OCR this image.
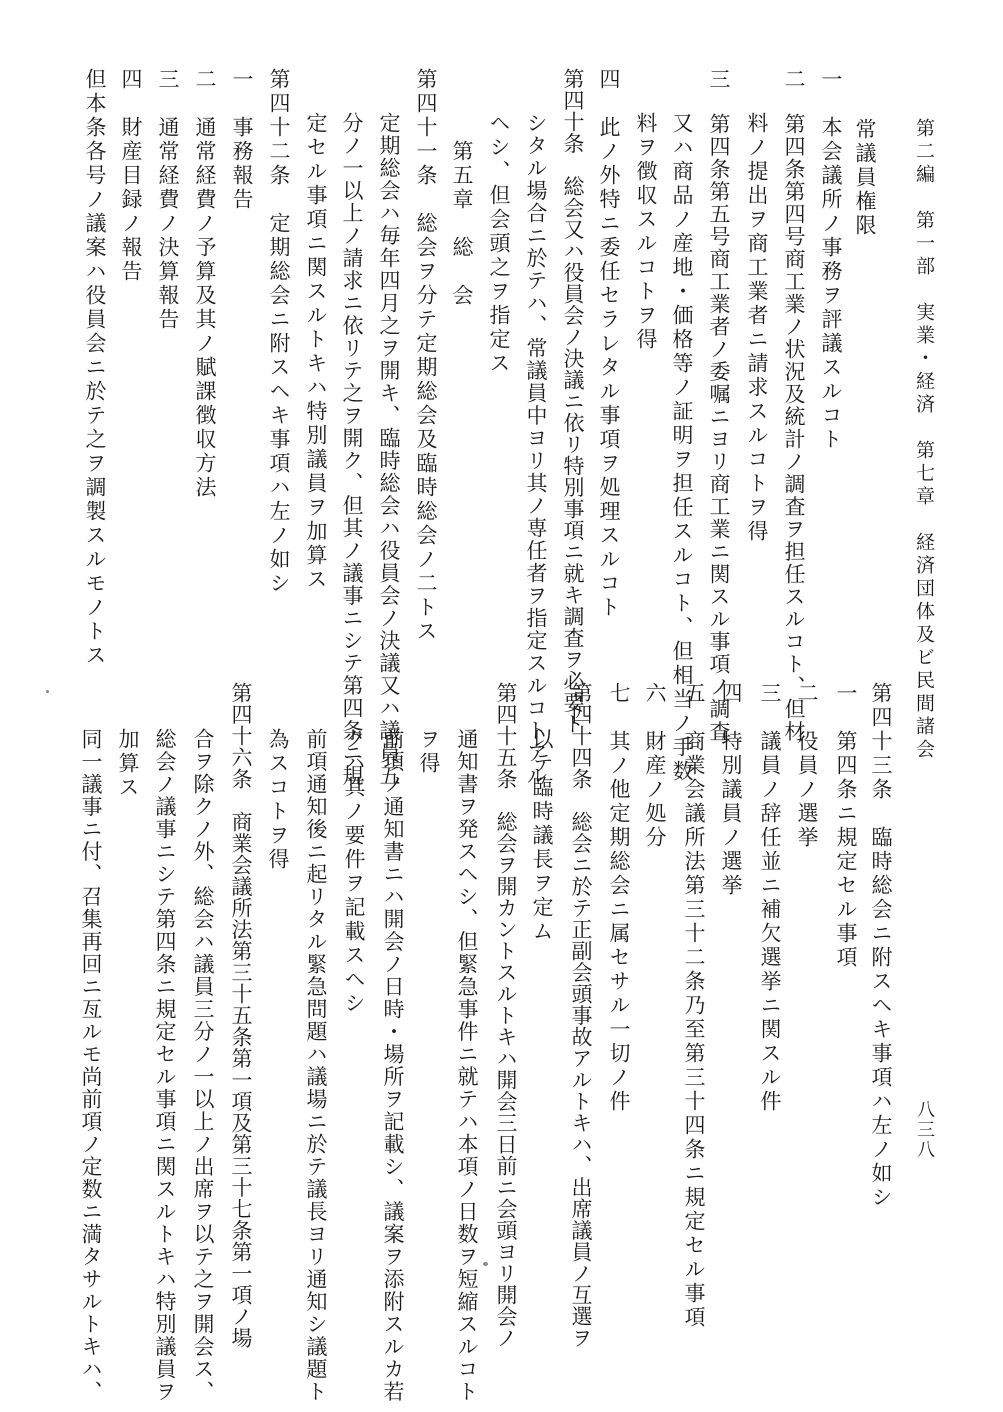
第二編　第一部　実業・経済　第七章　経済団体及ビ民間諸会
八三八
常議員権限
一　本会議所ノ事務ヲ評議スルコト
二　第四条第四号商工業ノ状況及統計ノ調査ヲ担任スルコト、但材
料ノ提出ヲ商工業者ニ請求スルコトヲ得
三　第四条第五号商工業者ノ委嘱ニヨリ商工業ニ関スル事項ノ調査
又ハ商品ノ産地・価格等ノ証明ヲ担任スルコト、但相当ノ手数
料ヲ徴収スルコトヲ得
四　此ノ外特ニ委任セラレタル事項ヲ処理スルコト
第四十条　総会又ハ役員会ノ決議ニ依リ特別事項ニ就キ調査ヲ必要ト
シタル場合ニ於テハ、常議員中ヨリ其ノ専任者ヲ指定スルコトアル
ヘシ、但会頭之ヲ指定ス
第五章　総　会
第四十一条　総会ヲ分テ定期総会及臨時総会ノ二トス
定期総会ハ毎年四月之ヲ開キ、臨時総会ハ役員会ノ決議又ハ議員五
分ノ一以上ノ請求ニ依リテ之ヲ開ク、但其ノ議事ニシテ第四条ニ規
定セル事項ニ関スルトキハ特別議員ヲ加算ス
第四十二条　定期総会ニ附スヘキ事項ハ左ノ如シ
一　事務報告
二　通常経費ノ予算及其ノ賦課徴収方法
三　通常経費ノ決算報告
四　財産目録ノ報告
但本条各号ノ議案ハ役員会ニ於テ之ヲ調製スルモノトス
第四十三条　臨時総会ニ附スヘキ事項ハ左ノ如シ
一　第四条ニ規定セル事項
二　役員ノ選挙
三　議員ノ辞任並ニ補欠選挙ニ関スル件
四　特別議員ノ選挙
五　商業会議所法第三十二条乃至第三十四条ニ規定セル事項
六　財産ノ処分
七　其ノ他定期総会ニ属セサル一切ノ件
第四十四条　総会ニ於テ正副会頭事故アルトキハ、出席議員ノ互選ヲ
以テ臨時議長ヲ定ム
第四十五条　総会ヲ開カントスルトキハ開会三日前ニ会頭ヨリ開会ノ
通知書ヲ発スヘシ、但緊急事件ニ就テハ本項ノ日数ヲ短縮スルコト
ヲ得
前項ノ通知書ニハ開会ノ日時・場所ヲ記載シ、議案ヲ添附スルカ若
クハ其ノ要件ヲ記載スヘシ
前項通知後ニ起リタル緊急問題ハ議場ニ於テ議長ヨリ通知シ議題ト
為スコトヲ得
第四十六条　商業会議所法第三十五条第一項及第三十七条第一項ノ場
合ヲ除クノ外、総会ハ議員三分ノ一以上ノ出席ヲ以テ之ヲ開会ス、
総会ノ議事ニシテ第四条ニ規定セル事項ニ関スルトキハ特別議員ヲ
加算ス
同一議事ニ付、召集再回ニ亙ルモ尚前項ノ定数ニ満タサルトキハ、
